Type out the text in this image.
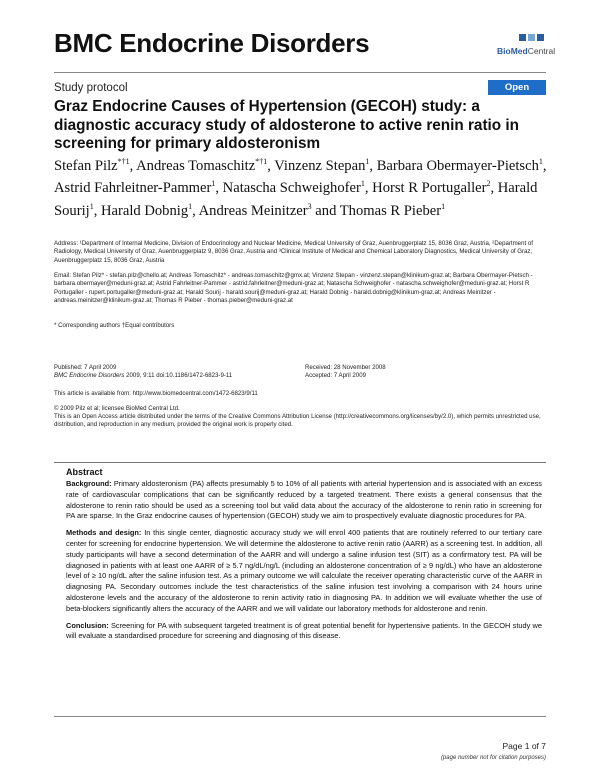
BMC Endocrine Disorders	BioMedCentral
Study protocol	Open Access
Graz Endocrine Causes of Hypertension (GECOH) study: a diagnostic accuracy study of aldosterone to active renin ratio in screening for primary aldosteronism
Stefan Pilz$^{*\dagger 1}$, Andreas Tomaschitz$^{*\dagger 1}$, Vinzenz Stepan$^1$, Barbara Obermayer-Pietsch$^1$, Astrid Fahrleitner-Pammer$^1$, Natascha Schweighofer$^1$, Horst R Portugaller$^2$, Harald Sourij$^1$, Harald Dobnig$^1$, Andreas Meinitzer$^3$ and Thomas R Pieber$^1$
Address: ¹Department of Internal Medicine, Division of Endocrinology and Nuclear Medicine, Medical University of Graz, Auenbruggerplatz 15, 8036 Graz, Austria, ²Department of Radiology, Medical University of Graz, Auenbruggerplatz 9, 8036 Graz, Austria and ³Clinical Institute of Medical and Chemical Laboratory Diagnostics, Medical University of Graz, Auenbruggerplatz 15, 8036 Graz, Austria
Email: Stefan Pilz* - stefan.pilz@chello.at; Andreas Tomaschitz* - andreas.tomaschitz@gmx.at; Vinzenz Stepan - vinzenz.stepan@klinikum-graz.at; Barbara Obermayer-Pietsch - barbara.obermayer@meduni-graz.at; Astrid Fahrleitner-Pammer - astrid.fahrleitner@meduni-graz.at; Natascha Schweighofer - natascha.schweighofer@meduni-graz.at; Horst R Portugaller - rupert.portugaller@meduni-graz.at; Harald Sourij - harald.sourij@meduni-graz.at; Harald Dobnig - harald.dobnig@klinikum-graz.at; Andreas Meinitzer - andreas.meinitzer@klinikum-graz.at; Thomas R Pieber - thomas.pieber@meduni-graz.at
* Corresponding authors †Equal contributors
Published: 7 April 2009
BMC Endocrine Disorders 2009, 9:11 doi:10.1186/1472-6823-9-11
Received: 28 November 2008
Accepted: 7 April 2009
This article is available from: http://www.biomedcentral.com/1472-6823/9/11
© 2009 Pilz et al; licensee BioMed Central Ltd.
This is an Open Access article distributed under the terms of the Creative Commons Attribution License (http://creativecommons.org/licenses/by/2.0), which permits unrestricted use, distribution, and reproduction in any medium, provided the original work is properly cited.
Abstract

Background: Primary aldosteronism (PA) affects presumably 5 to 10% of all patients with arterial hypertension and is associated with an excess rate of cardiovascular complications that can be significantly reduced by a targeted treatment. There exists a general consensus that the aldosterone to renin ratio should be used as a screening tool but valid data about the accuracy of the aldosterone to renin ratio in screening for PA are sparse. In the Graz endocrine causes of hypertension (GECOH) study we aim to prospectively evaluate diagnostic procedures for PA.

Methods and design: In this single center, diagnostic accuracy study we will enrol 400 patients that are routinely referred to our tertiary care center for screening for endocrine hypertension. We will determine the aldosterone to active renin ratio (AARR) as a screening test. In addition, all study participants will have a second determination of the AARR and will undergo a saline infusion test (SIT) as a confirmatory test. PA will be diagnosed in patients with at least one AARR of ≥ 5.7 ng/dL/ng/L (including an aldosterone concentration of ≥ 9 ng/dL) who have an aldosterone level of ≥ 10 ng/dL after the saline infusion test. As a primary outcome we will calculate the receiver operating characteristic curve of the AARR in diagnosing PA. Secondary outcomes include the test characteristics of the saline infusion test involving a comparison with 24 hours urine aldosterone levels and the accuracy of the aldosterone to renin activity ratio in diagnosing PA. In addition we will evaluate whether the use of beta-blockers significantly alters the accuracy of the AARR and we will validate our laboratory methods for aldosterone and renin.

Conclusion: Screening for PA with subsequent targeted treatment is of great potential benefit for hypertensive patients. In the GECOH study we will evaluate a standardised procedure for screening and diagnosing of this disease.

Page 1 of 7
(page number not for citation purposes)
